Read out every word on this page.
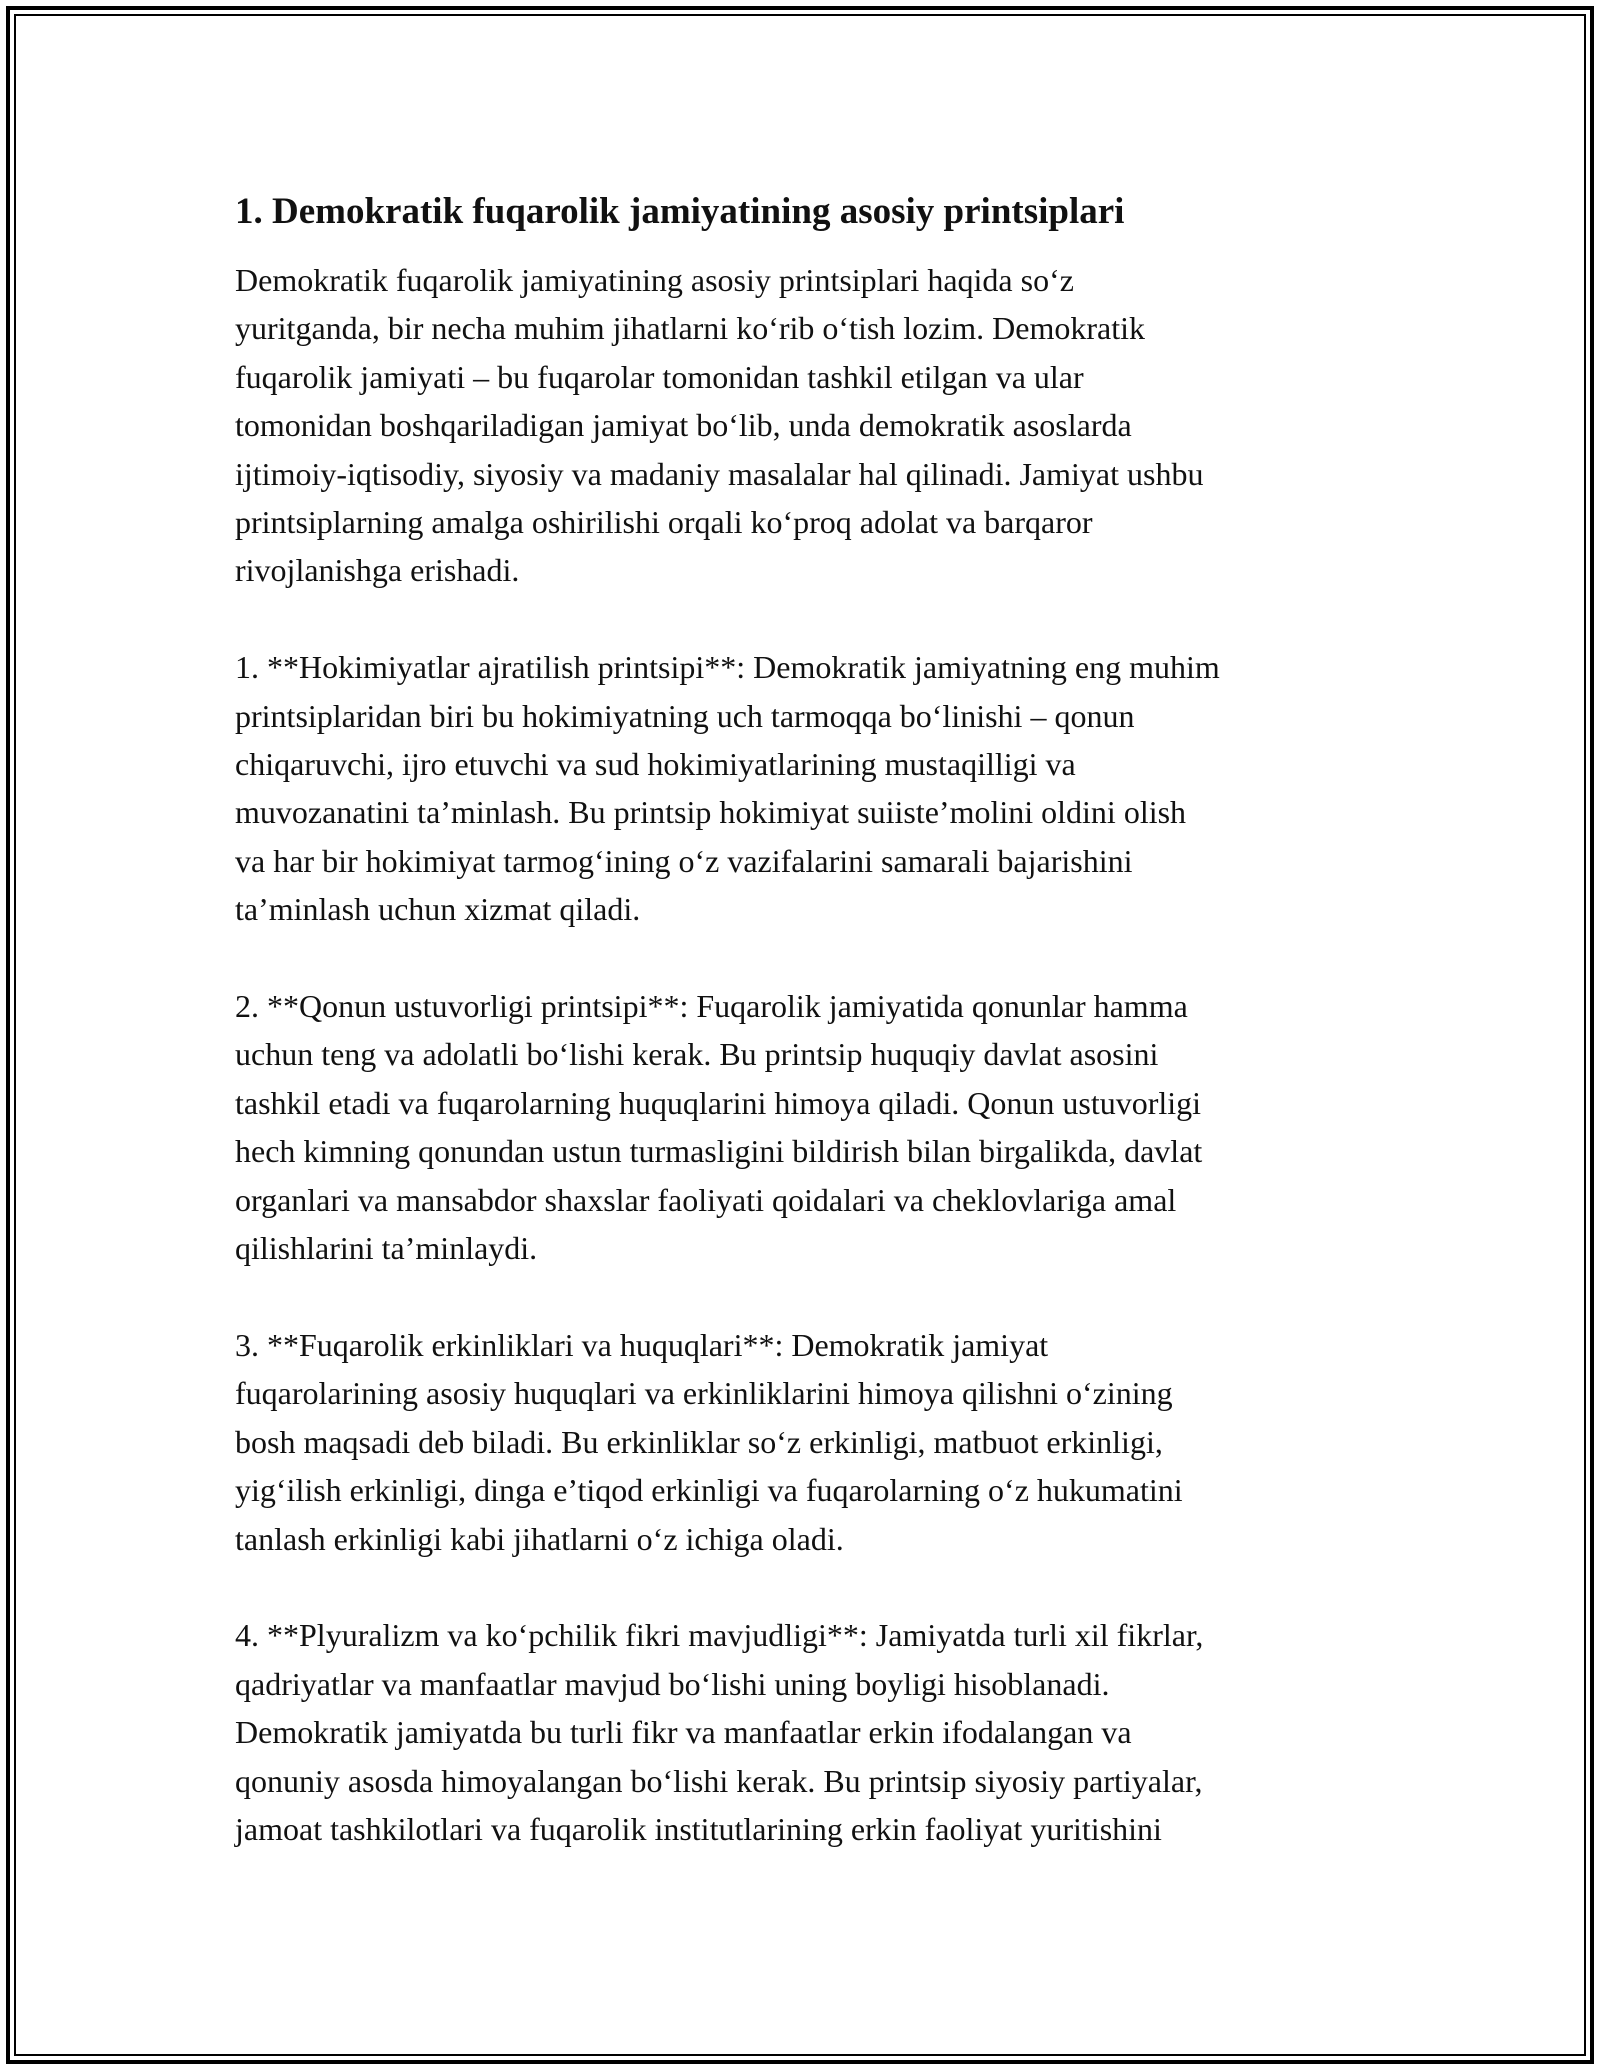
1. Demokratik fuqarolik jamiyatining asosiy printsiplari
Demokratik fuqarolik jamiyatining asosiy printsiplari haqida so‘z
yuritganda, bir necha muhim jihatlarni ko‘rib o‘tish lozim. Demokratik
fuqarolik jamiyati – bu fuqarolar tomonidan tashkil etilgan va ular
tomonidan boshqariladigan jamiyat bo‘lib, unda demokratik asoslarda
ijtimoiy-iqtisodiy, siyosiy va madaniy masalalar hal qilinadi. Jamiyat ushbu
printsiplarning amalga oshirilishi orqali ko‘proq adolat va barqaror
rivojlanishga erishadi.
1. **Hokimiyatlar ajratilish printsipi**: Demokratik jamiyatning eng muhim
printsiplaridan biri bu hokimiyatning uch tarmoqqa bo‘linishi – qonun
chiqaruvchi, ijro etuvchi va sud hokimiyatlarining mustaqilligi va
muvozanatini ta’minlash. Bu printsip hokimiyat suiiste’molini oldini olish
va har bir hokimiyat tarmog‘ining o‘z vazifalarini samarali bajarishini
ta’minlash uchun xizmat qiladi.
2. **Qonun ustuvorligi printsipi**: Fuqarolik jamiyatida qonunlar hamma
uchun teng va adolatli bo‘lishi kerak. Bu printsip huquqiy davlat asosini
tashkil etadi va fuqarolarning huquqlarini himoya qiladi. Qonun ustuvorligi
hech kimning qonundan ustun turmasligini bildirish bilan birgalikda, davlat
organlari va mansabdor shaxslar faoliyati qoidalari va cheklovlariga amal
qilishlarini ta’minlaydi.
3. **Fuqarolik erkinliklari va huquqlari**: Demokratik jamiyat
fuqarolarining asosiy huquqlari va erkinliklarini himoya qilishni o‘zining
bosh maqsadi deb biladi. Bu erkinliklar so‘z erkinligi, matbuot erkinligi,
yig‘ilish erkinligi, dinga e’tiqod erkinligi va fuqarolarning o‘z hukumatini
tanlash erkinligi kabi jihatlarni o‘z ichiga oladi.
4. **Plyuralizm va ko‘pchilik fikri mavjudligi**: Jamiyatda turli xil fikrlar,
qadriyatlar va manfaatlar mavjud bo‘lishi uning boyligi hisoblanadi.
Demokratik jamiyatda bu turli fikr va manfaatlar erkin ifodalangan va
qonuniy asosda himoyalangan bo‘lishi kerak. Bu printsip siyosiy partiyalar,
jamoat tashkilotlari va fuqarolik institutlarining erkin faoliyat yuritishini
